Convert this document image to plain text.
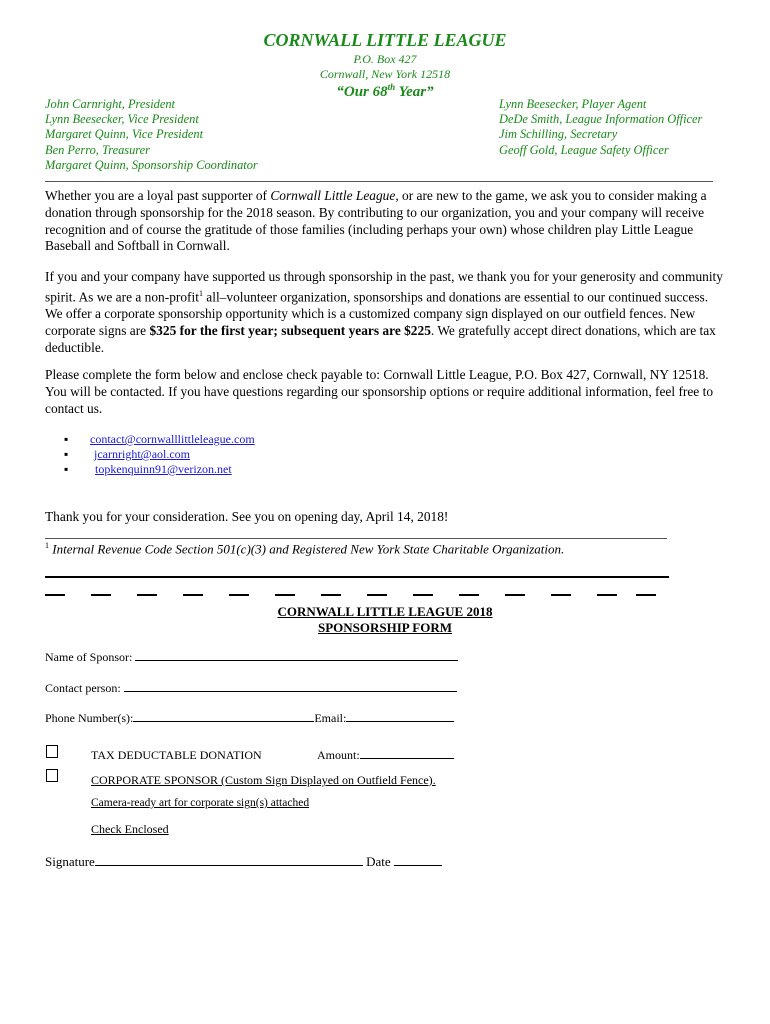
CORNWALL LITTLE LEAGUE
P.O. Box 427
Cornwall, New York 12518
“Our 68th Year”
John Carnright, President
Lynn Beesecker, Vice President
Margaret Quinn, Vice President
Ben Perro, Treasurer
Margaret Quinn, Sponsorship Coordinator
Lynn Beesecker, Player Agent
DeDe Smith, League Information Officer
Jim Schilling, Secretary
Geoff Gold, League Safety Officer
Whether you are a loyal past supporter of Cornwall Little League, or are new to the game, we ask you to consider making a donation through sponsorship for the 2018 season. By contributing to our organization, you and your company will receive recognition and of course the gratitude of those families (including perhaps your own) whose children play Little League Baseball and Softball in Cornwall.
If you and your company have supported us through sponsorship in the past, we thank you for your generosity and community spirit. As we are a non-profit$^1$ all–volunteer organization, sponsorships and donations are essential to our continued success. We offer a corporate sponsorship opportunity which is a customized company sign displayed on our outfield fences. New corporate signs are $325 for the first year; subsequent years are $225. We gratefully accept direct donations, which are tax deductible.
Please complete the form below and enclose check payable to: Cornwall Little League, P.O. Box 427, Cornwall, NY 12518. You will be contacted. If you have questions regarding our sponsorship options or require additional information, feel free to contact us.
▪ contact@cornwalllittleleague.com
▪ jcarnright@aol.com
▪ topkenquinn91@verizon.net
Thank you for your consideration. See you on opening day, April 14, 2018!
$^1$ Internal Revenue Code Section 501(c)(3) and Registered New York State Charitable Organization.
CORNWALL LITTLE LEAGUE 2018
SPONSORSHIP FORM
Name of Sponsor:
Contact person:
Phone Number(s):	Email:
TAX DEDUCTABLE DONATION	Amount:
CORPORATE SPONSOR (Custom Sign Displayed on Outfield Fence).
Camera-ready art for corporate sign(s) attached
Check Enclosed
Signature	Date
